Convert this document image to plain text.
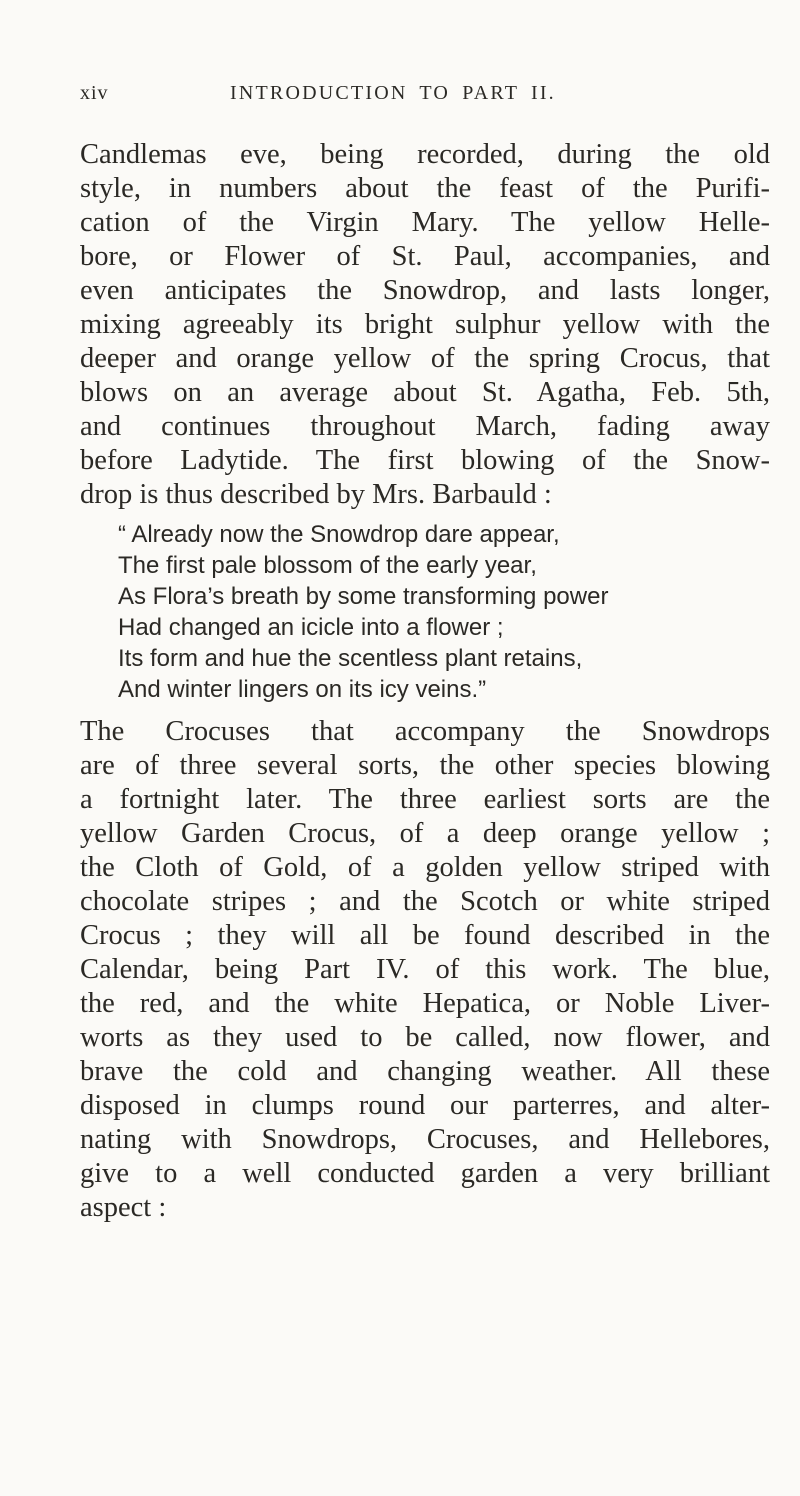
xiv	INTRODUCTION TO PART II.
Candlemas eve, being recorded, during the old
style, in numbers about the feast of the Purifi-
cation of the Virgin Mary. The yellow Helle-
bore, or Flower of St. Paul, accompanies, and
even anticipates the Snowdrop, and lasts longer,
mixing agreeably its bright sulphur yellow with the
deeper and orange yellow of the spring Crocus, that
blows on an average about St. Agatha, Feb. 5th,
and continues throughout March, fading away
before Ladytide. The first blowing of the Snow-
drop is thus described by Mrs. Barbauld :
“ Already now the Snowdrop dare appear,
The first pale blossom of the early year,
As Flora’s breath by some transforming power
Had changed an icicle into a flower ;
Its form and hue the scentless plant retains,
And winter lingers on its icy veins.”
The Crocuses that accompany the Snowdrops
are of three several sorts, the other species blowing
a fortnight later. The three earliest sorts are the
yellow Garden Crocus, of a deep orange yellow ;
the Cloth of Gold, of a golden yellow striped with
chocolate stripes ; and the Scotch or white striped
Crocus ; they will all be found described in the
Calendar, being Part IV. of this work. The blue,
the red, and the white Hepatica, or Noble Liver-
worts as they used to be called, now flower, and
brave the cold and changing weather. All these
disposed in clumps round our parterres, and alter-
nating with Snowdrops, Crocuses, and Hellebores,
give to a well conducted garden a very brilliant
aspect :
